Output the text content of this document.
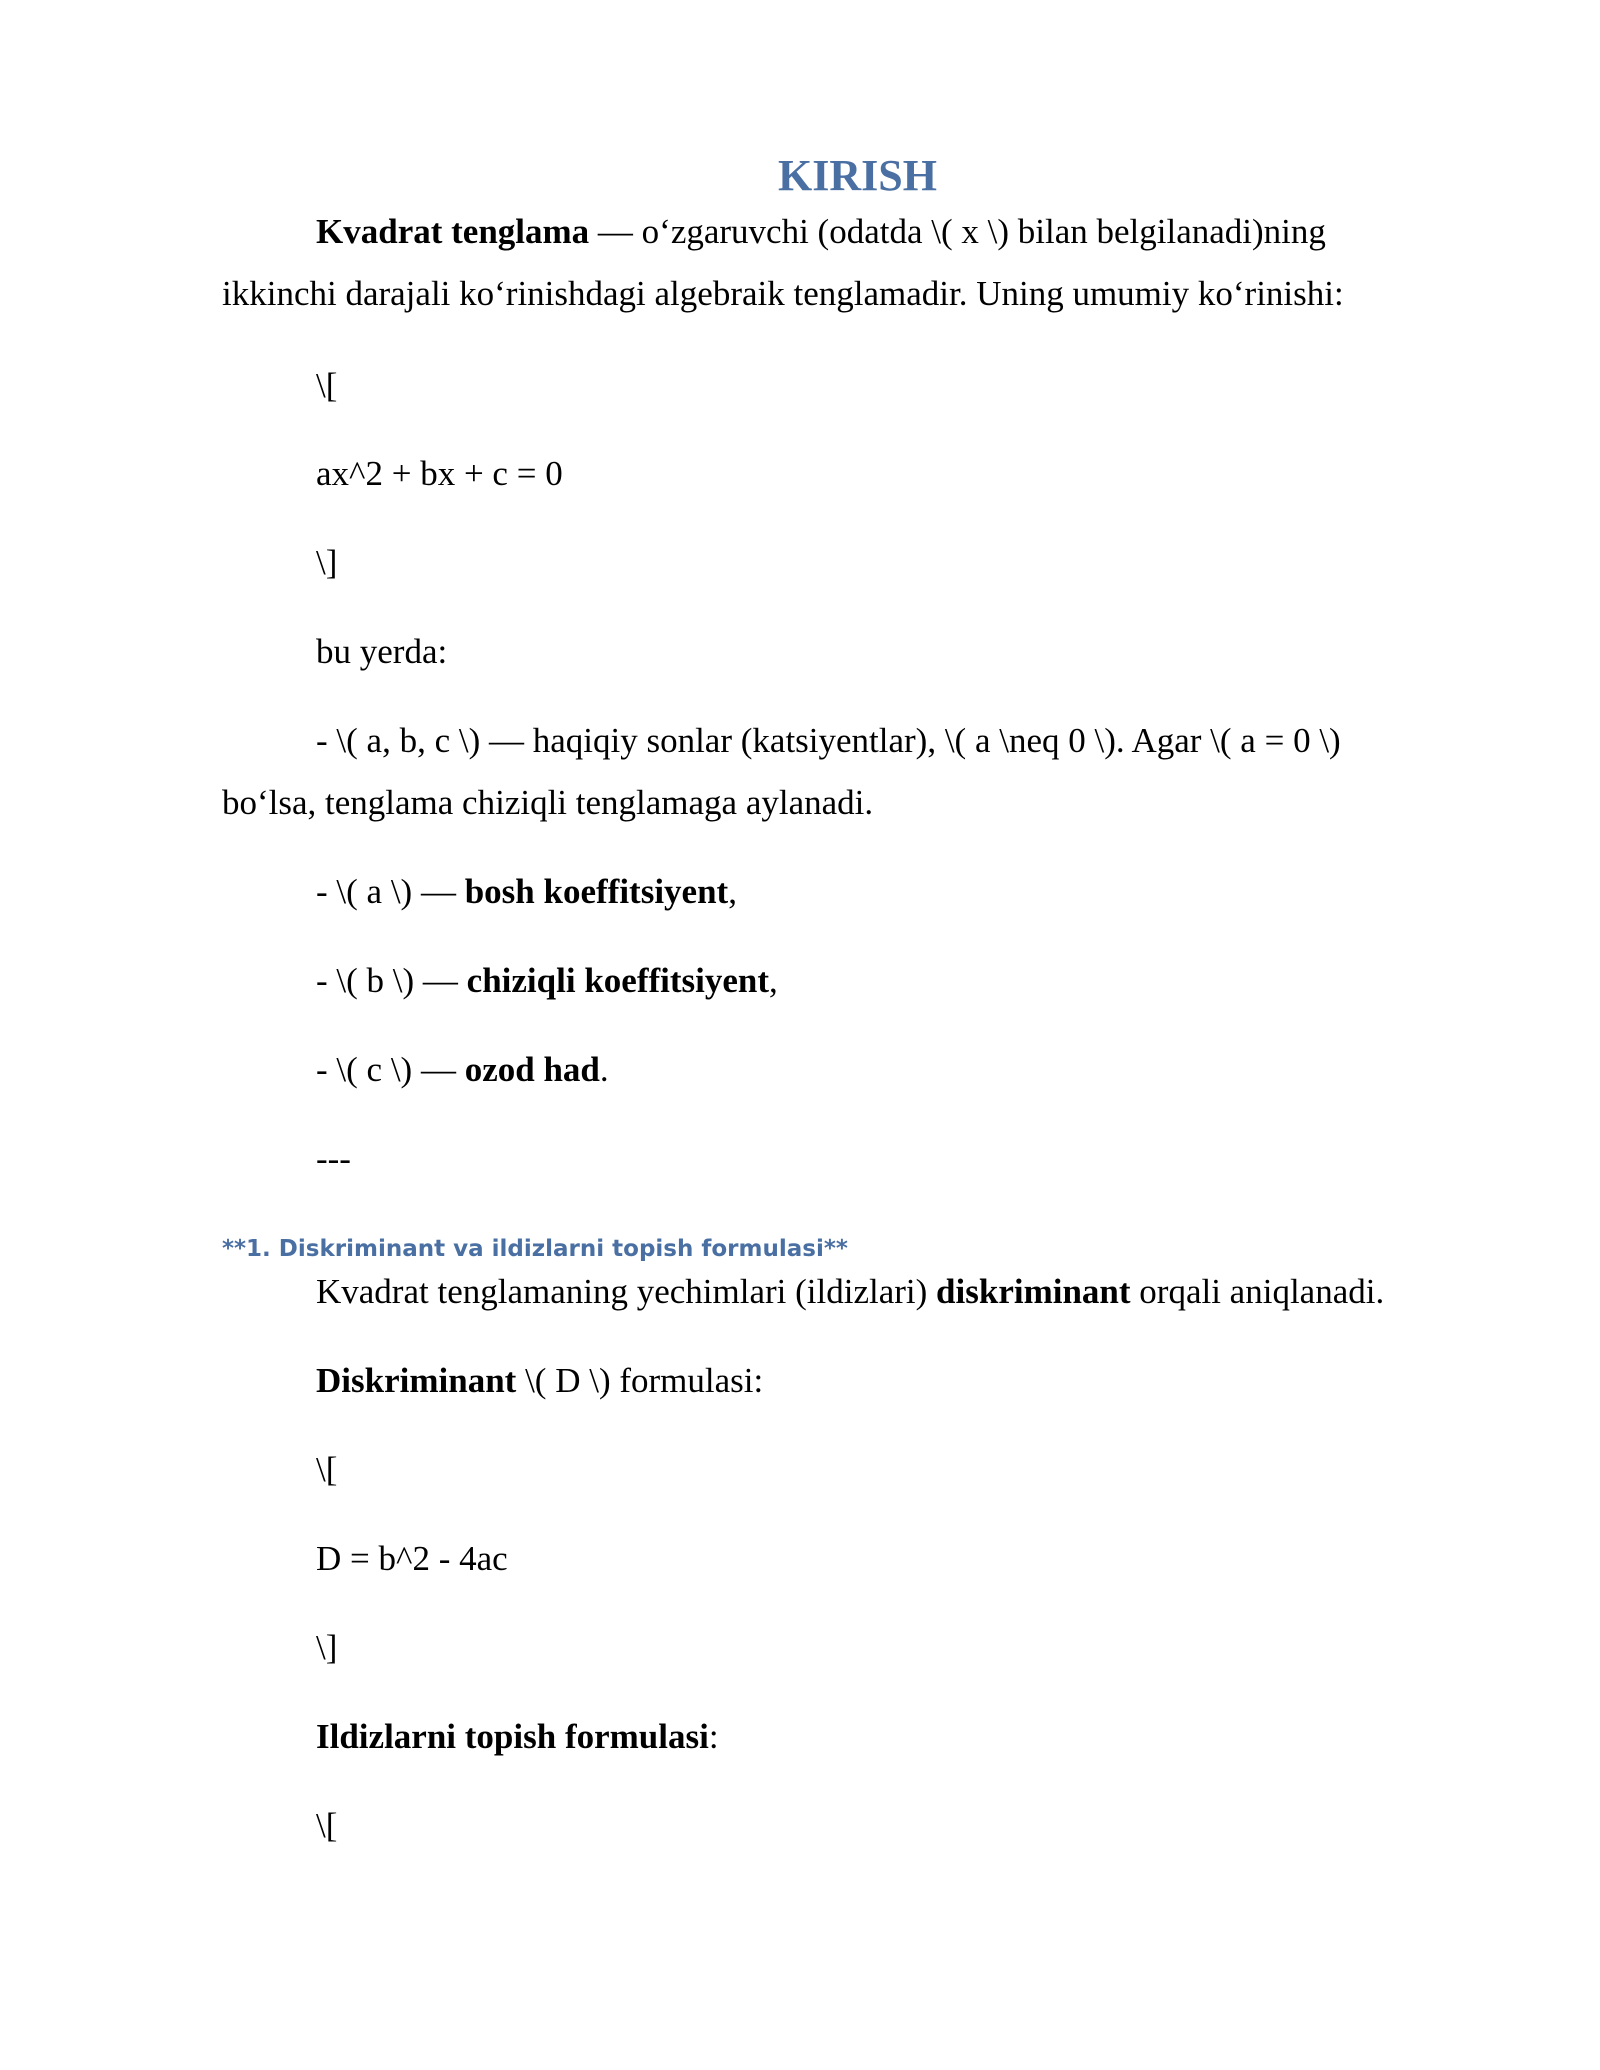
KIRISH
Kvadrat tenglama — o‘zgaruvchi (odatda \( x \) bilan belgilanadi)ning
ikkinchi darajali ko‘rinishdagi algebraik tenglamadir. Uning umumiy ko‘rinishi:
\[
ax^2 + bx + c = 0
\]
bu yerda:
- \( a, b, c \) — haqiqiy sonlar (katsiyentlar), \( a \neq 0 \). Agar \( a = 0 \)
bo‘lsa, tenglama chiziqli tenglamaga aylanadi.
- \( a \) — bosh koeffitsiyent,
- \( b \) — chiziqli koeffitsiyent,
- \( c \) — ozod had.
---
**1. Diskriminant va ildizlarni topish formulasi**
Kvadrat tenglamaning yechimlari (ildizlari) diskriminant orqali aniqlanadi.
Diskriminant \( D \) formulasi:
\[
D = b^2 - 4ac
\]
Ildizlarni topish formulasi:
\[
